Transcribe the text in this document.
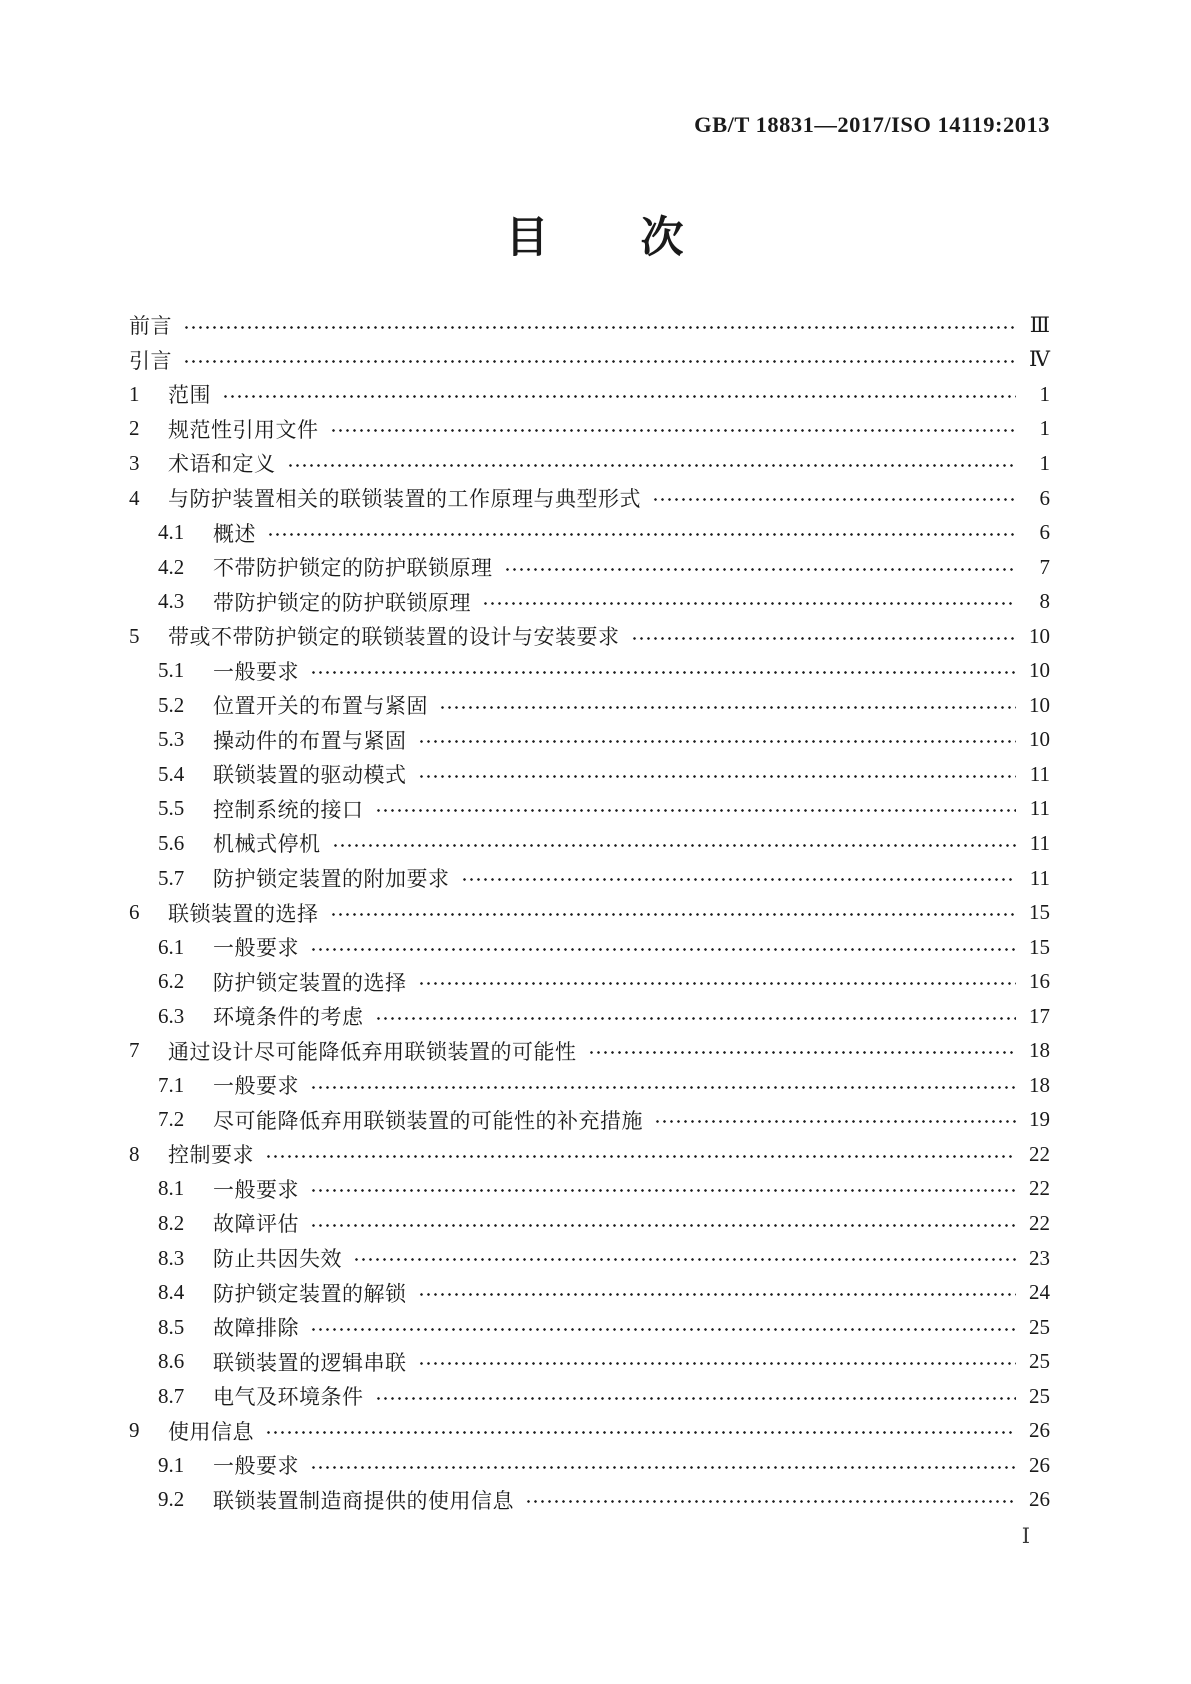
GB/T 18831—2017/ISO 14119:2013
目　　次
前言	Ⅲ
引言	Ⅳ
1	范围	1
2	规范性引用文件	1
3	术语和定义	1
4	与防护装置相关的联锁装置的工作原理与典型形式	6
4.1	概述	6
4.2	不带防护锁定的防护联锁原理	7
4.3	带防护锁定的防护联锁原理	8
5	带或不带防护锁定的联锁装置的设计与安装要求	10
5.1	一般要求	10
5.2	位置开关的布置与紧固	10
5.3	操动件的布置与紧固	10
5.4	联锁装置的驱动模式	11
5.5	控制系统的接口	11
5.6	机械式停机	11
5.7	防护锁定装置的附加要求	11
6	联锁装置的选择	15
6.1	一般要求	15
6.2	防护锁定装置的选择	16
6.3	环境条件的考虑	17
7	通过设计尽可能降低弃用联锁装置的可能性	18
7.1	一般要求	18
7.2	尽可能降低弃用联锁装置的可能性的补充措施	19
8	控制要求	22
8.1	一般要求	22
8.2	故障评估	22
8.3	防止共因失效	23
8.4	防护锁定装置的解锁	24
8.5	故障排除	25
8.6	联锁装置的逻辑串联	25
8.7	电气及环境条件	25
9	使用信息	26
9.1	一般要求	26
9.2	联锁装置制造商提供的使用信息	26
Ⅰ
